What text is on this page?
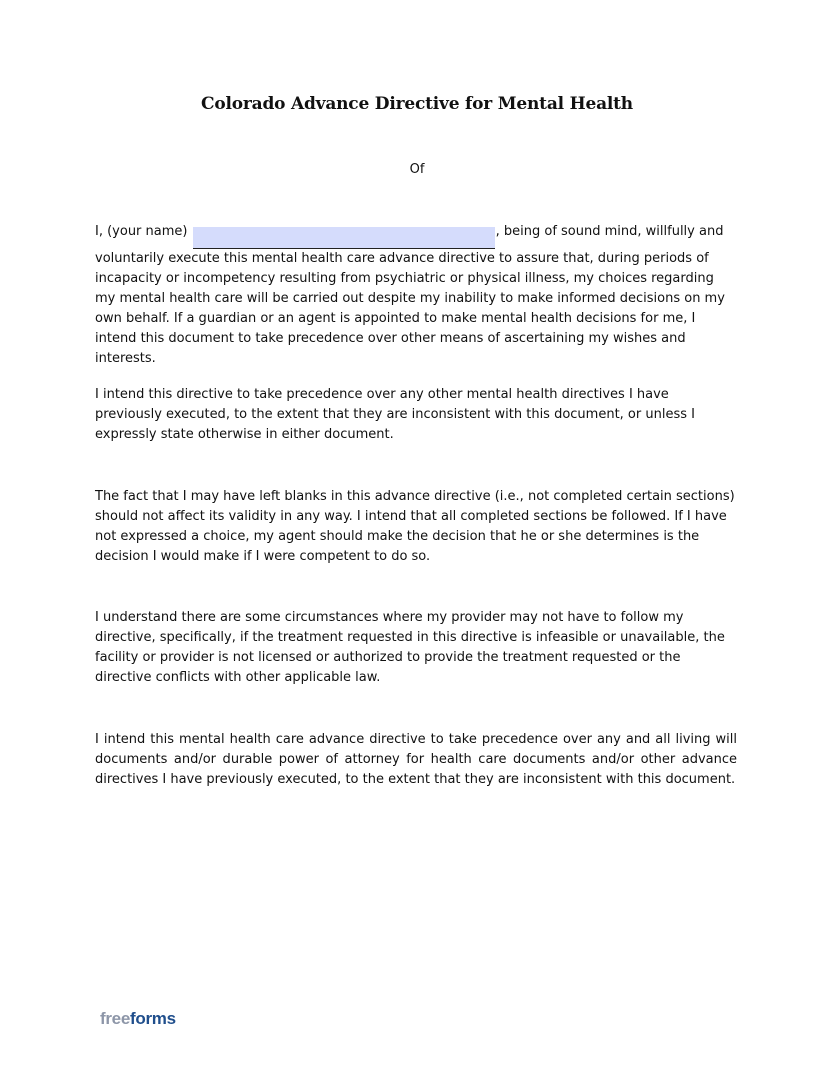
Colorado Advance Directive for Mental Health
Of

I, (your name)	, being of sound mind, willfully and voluntarily execute this mental health care advance directive to assure that, during periods of incapacity or incompetency resulting from psychiatric or physical illness, my choices regarding my mental health care will be carried out despite my inability to make informed decisions on my own behalf. If a guardian or an agent is appointed to make mental health decisions for me, I intend this document to take precedence over other means of ascertaining my wishes and interests.

I intend this directive to take precedence over any other mental health directives I have previously executed, to the extent that they are inconsistent with this document, or unless I expressly state otherwise in either document.

The fact that I may have left blanks in this advance directive (i.e., not completed certain sections) should not affect its validity in any way. I intend that all completed sections be followed. If I have not expressed a choice, my agent should make the decision that he or she determines is the decision I would make if I were competent to do so.

I understand there are some circumstances where my provider may not have to follow my directive, specifically, if the treatment requested in this directive is infeasible or unavailable, the facility or provider is not licensed or authorized to provide the treatment requested or the directive conflicts with other applicable law.

I intend this mental health care advance directive to take precedence over any and all living will documents and/or durable power of attorney for health care documents and/or other advance directives I have previously executed, to the extent that they are inconsistent with this document.

freeforms
